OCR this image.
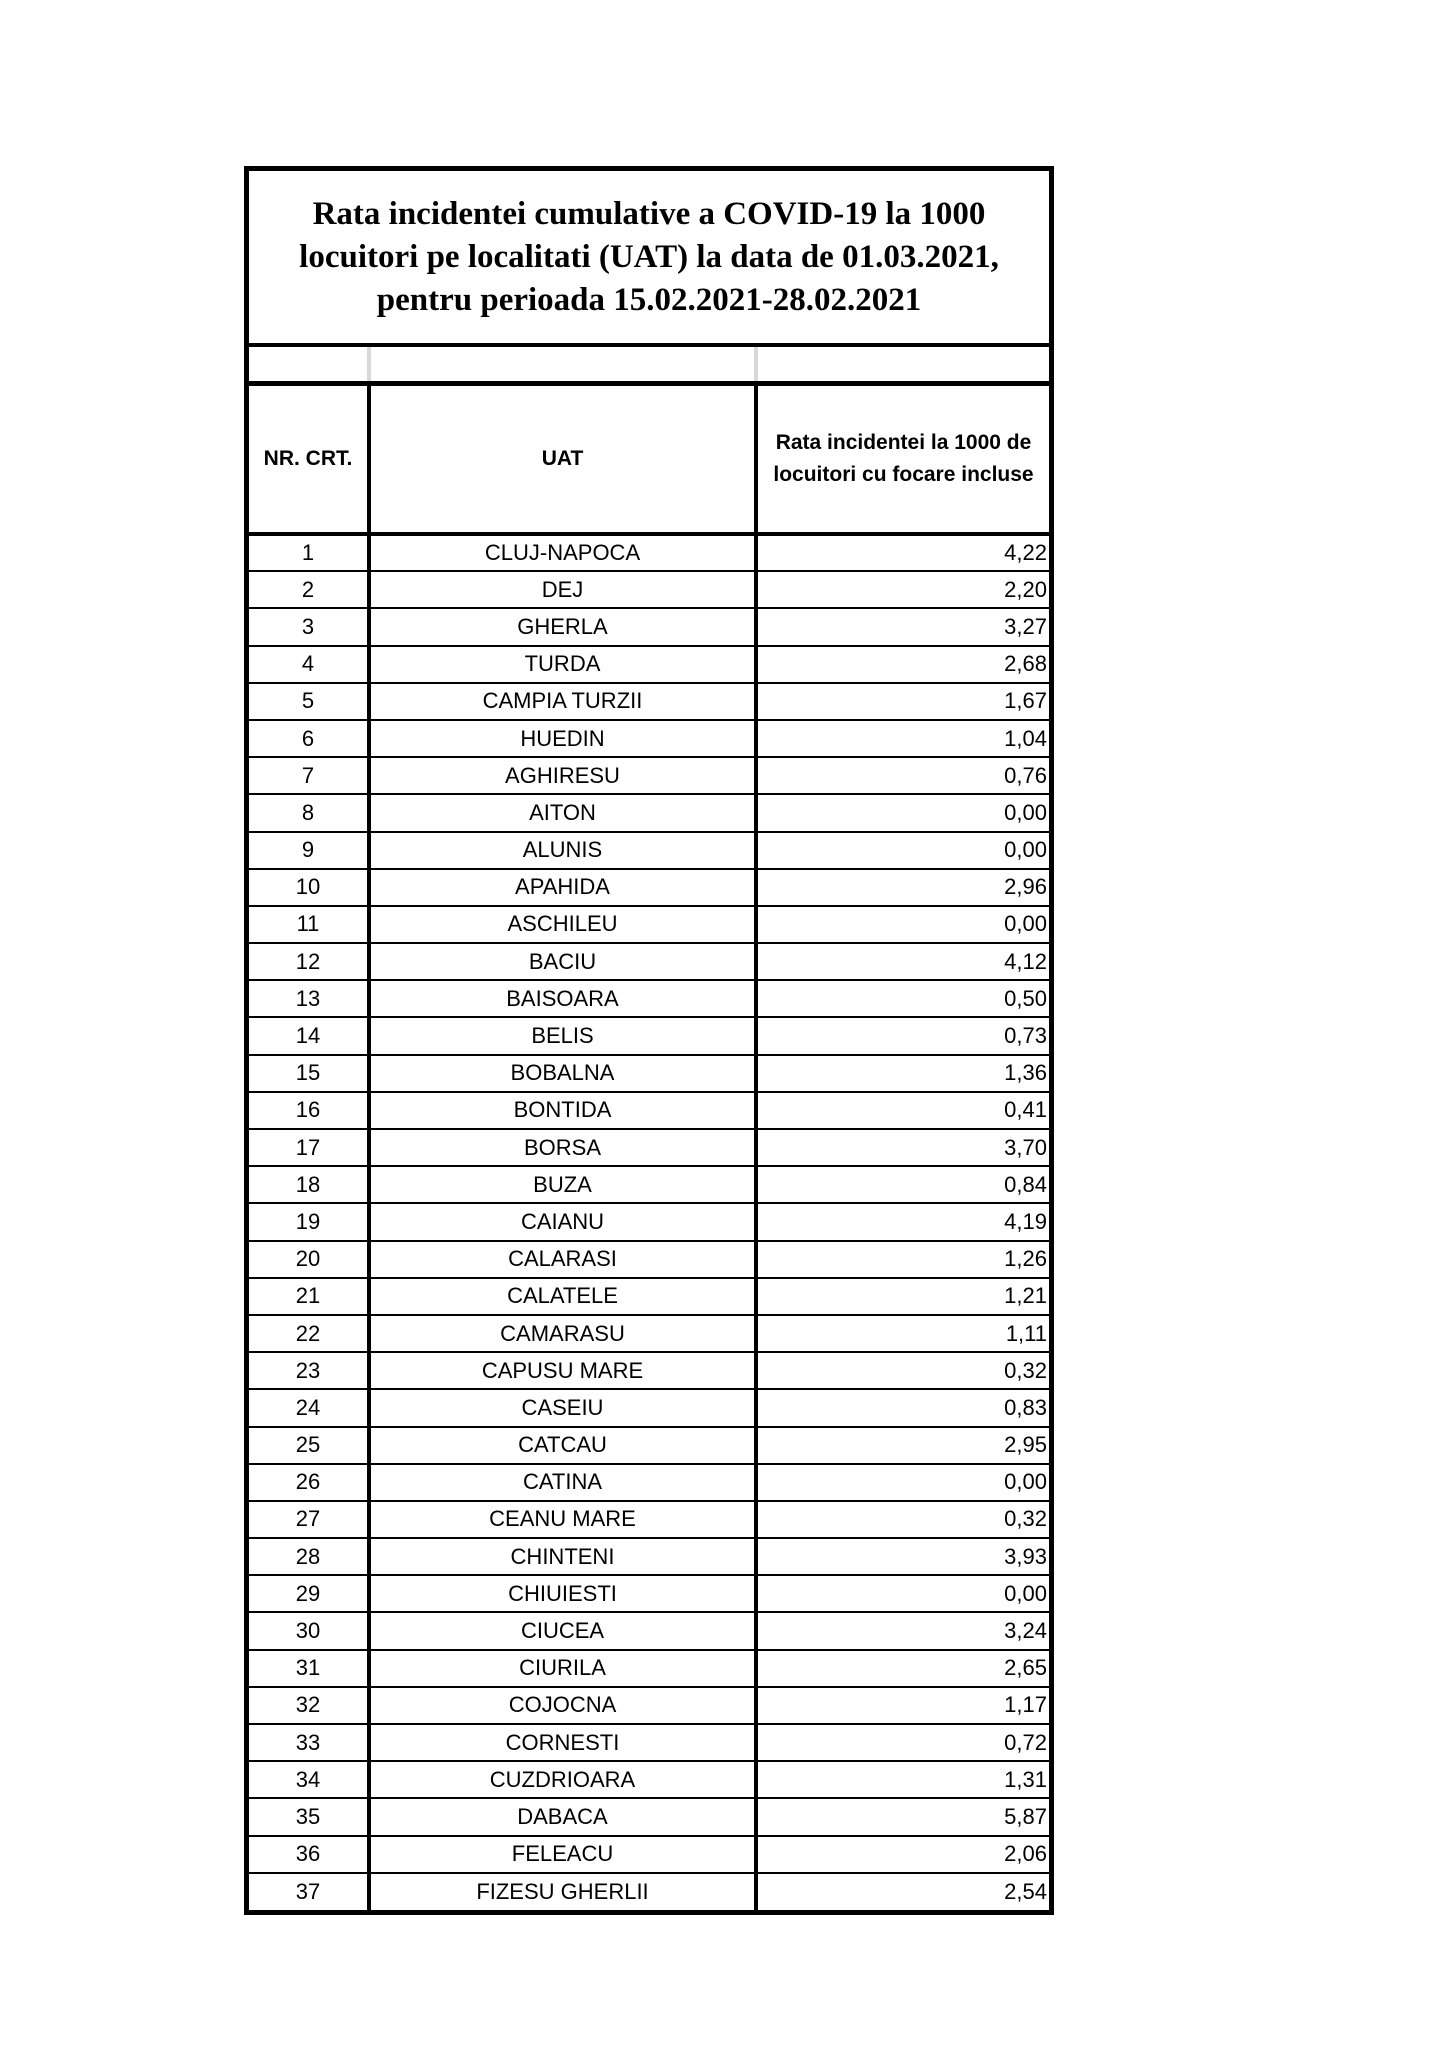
Rata incidentei cumulative a COVID-19 la 1000
locuitori pe localitati (UAT) la data de 01.03.2021,
pentru perioada 15.02.2021-28.02.2021

NR. CRT.	UAT	Rata incidentei la 1000 de locuitori cu focare incluse
1	CLUJ-NAPOCA	4,22
2	DEJ	2,20
3	GHERLA	3,27
4	TURDA	2,68
5	CAMPIA TURZII	1,67
6	HUEDIN	1,04
7	AGHIRESU	0,76
8	AITON	0,00
9	ALUNIS	0,00
10	APAHIDA	2,96
11	ASCHILEU	0,00
12	BACIU	4,12
13	BAISOARA	0,50
14	BELIS	0,73
15	BOBALNA	1,36
16	BONTIDA	0,41
17	BORSA	3,70
18	BUZA	0,84
19	CAIANU	4,19
20	CALARASI	1,26
21	CALATELE	1,21
22	CAMARASU	1,11
23	CAPUSU MARE	0,32
24	CASEIU	0,83
25	CATCAU	2,95
26	CATINA	0,00
27	CEANU MARE	0,32
28	CHINTENI	3,93
29	CHIUIESTI	0,00
30	CIUCEA	3,24
31	CIURILA	2,65
32	COJOCNA	1,17
33	CORNESTI	0,72
34	CUZDRIOARA	1,31
35	DABACA	5,87
36	FELEACU	2,06
37	FIZESU GHERLII	2,54
